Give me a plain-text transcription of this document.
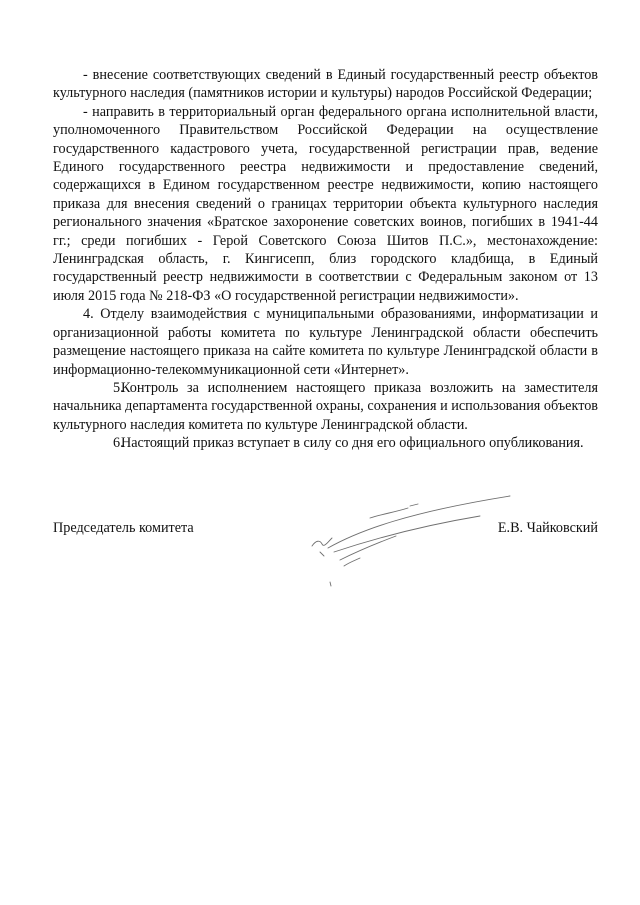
- внесение соответствующих сведений в Единый государственный реестр объектов культурного наследия (памятников истории и культуры) народов Российской Федерации;

- направить в территориальный орган федерального органа исполнительной власти, уполномоченного Правительством Российской Федерации на осуществление государственного кадастрового учета, государственной регистрации прав, ведение Единого государственного реестра недвижимости и предоставление сведений, содержащихся в Едином государственном реестре недвижимости, копию настоящего приказа для внесения сведений о границах территории объекта культурного наследия регионального значения «Братское захоронение советских воинов, погибших в 1941-44 гг.; среди погибших - Герой Советского Союза Шитов П.С.», местонахождение: Ленинградская область, г. Кингисепп, близ городского кладбища, в Единый государственный реестр недвижимости в соответствии с Федеральным законом от 13 июля 2015 года № 218-ФЗ «О государственной регистрации недвижимости».

4. Отделу взаимодействия с муниципальными образованиями, информатизации и организационной работы комитета по культуре Ленинградской области обеспечить размещение настоящего приказа на сайте комитета по культуре Ленинградской области в информационно-телекоммуникационной сети «Интернет».

5.Контроль за исполнением настоящего приказа возложить на заместителя начальника департамента государственной охраны, сохранения и использования объектов культурного наследия комитета по культуре Ленинградской области.

6.Настоящий приказ вступает в силу со дня его официального опубликования.

Председатель комитета	Е.В. Чайковский
